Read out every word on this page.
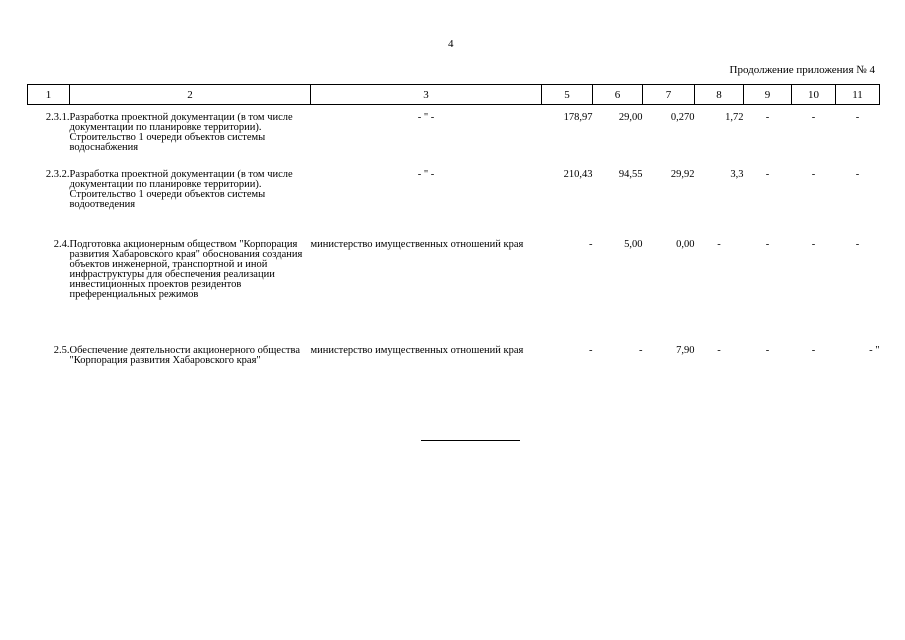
4
Продолжение приложения № 4
1	2	3	5	6	7	8	9	10	11
2.3.1.	Разработка проектной документации (в том числе документации по планировке территории). Строительство 1 очереди объектов системы водоснабжения	- " -	178,97	29,00	0,270	1,72	-	-	-
2.3.2.	Разработка проектной документации (в том числе документации по планировке территории). Строительство 1 очереди объектов системы водоотведения	- " -	210,43	94,55	29,92	3,3	-	-	-
2.4.	Подготовка акционерным обществом "Корпорация развития Хабаровского края" обоснования создания объектов инженерной, транспортной и иной инфраструктуры для обеспечения реализации инвестиционных проектов резидентов преференциальных режимов	министерство имущественных отношений края	-	5,00	0,00	-	-	-	-
2.5.	Обеспечение деятельности акционерного общества "Корпорация развития Хабаровского края"	министерство имущественных отношений края	-	-	7,90	-	-	-	- "
